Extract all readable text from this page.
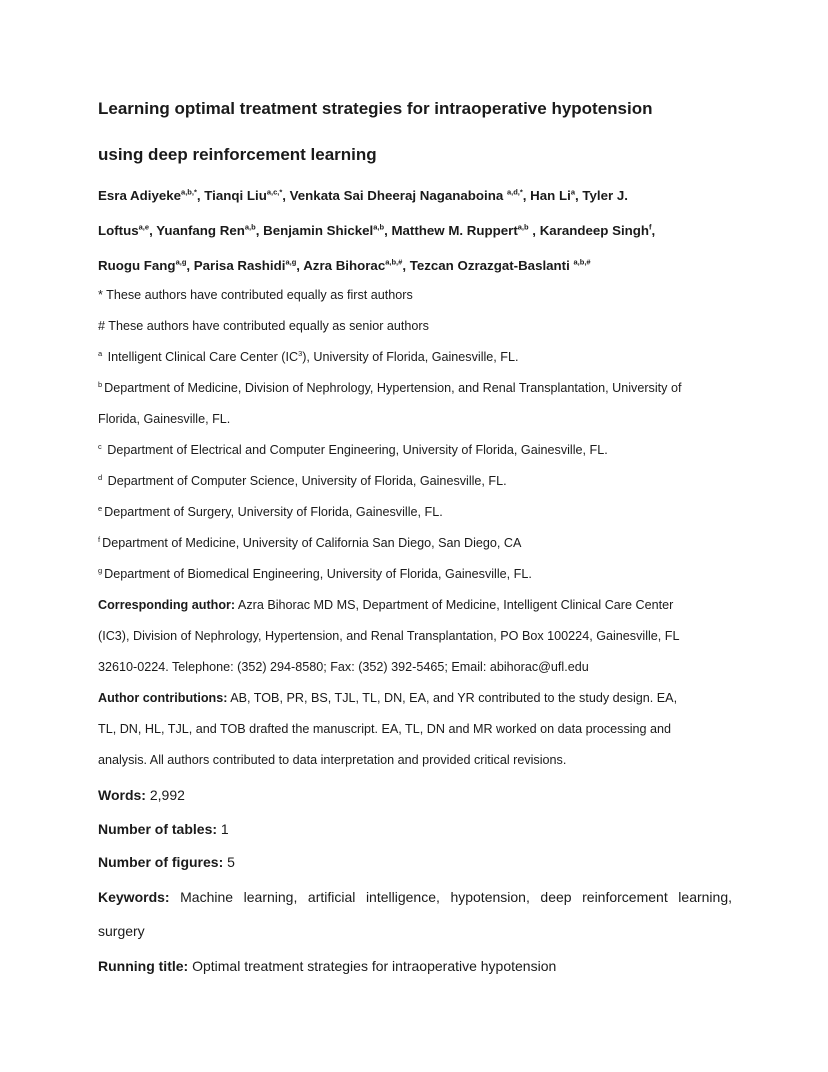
Learning optimal treatment strategies for intraoperative hypotension
using deep reinforcement learning
Esra Adiyeke$^{a,b,*}$, Tianqi Liu$^{a,c,*}$, Venkata Sai Dheeraj Naganaboina $^{a,d,*}$, Han Li$^a$, Tyler J.
Loftus$^{a,e}$, Yuanfang Ren$^{a,b}$, Benjamin Shickel$^{a,b}$, Matthew M. Ruppert$^{a,b}$ , Karandeep Singh$^f$,
Ruogu Fang$^{a,g}$, Parisa Rashidi$^{a,g}$, Azra Bihorac$^{a,b,\#}$, Tezcan Ozrazgat-Baslanti $^{a,b,\#}$
* These authors have contributed equally as first authors
# These authors have contributed equally as senior authors
$^a$ Intelligent Clinical Care Center $(IC^3)$, University of Florida, Gainesville, FL.
$^b$ Department of Medicine, Division of Nephrology, Hypertension, and Renal Transplantation, University of
Florida, Gainesville, FL.
$^c$ Department of Electrical and Computer Engineering, University of Florida, Gainesville, FL.
$^d$ Department of Computer Science, University of Florida, Gainesville, FL.
$^e$ Department of Surgery, University of Florida, Gainesville, FL.
$^f$ Department of Medicine, University of California San Diego, San Diego, CA
$^g$ Department of Biomedical Engineering, University of Florida, Gainesville, FL.
Corresponding author: Azra Bihorac MD MS, Department of Medicine, Intelligent Clinical Care Center
(IC3), Division of Nephrology, Hypertension, and Renal Transplantation, PO Box 100224, Gainesville, FL
32610-0224. Telephone: (352) 294-8580; Fax: (352) 392-5465; Email: abihorac@ufl.edu
Author contributions: AB, TOB, PR, BS, TJL, TL, DN, EA, and YR contributed to the study design. EA,
TL, DN, HL, TJL, and TOB drafted the manuscript. EA, TL, DN and MR worked on data processing and
analysis. All authors contributed to data interpretation and provided critical revisions.
Words: 2,992
Number of tables: 1
Number of figures: 5
Keywords: Machine learning, artificial intelligence, hypotension, deep reinforcement learning,
surgery
Running title: Optimal treatment strategies for intraoperative hypotension
